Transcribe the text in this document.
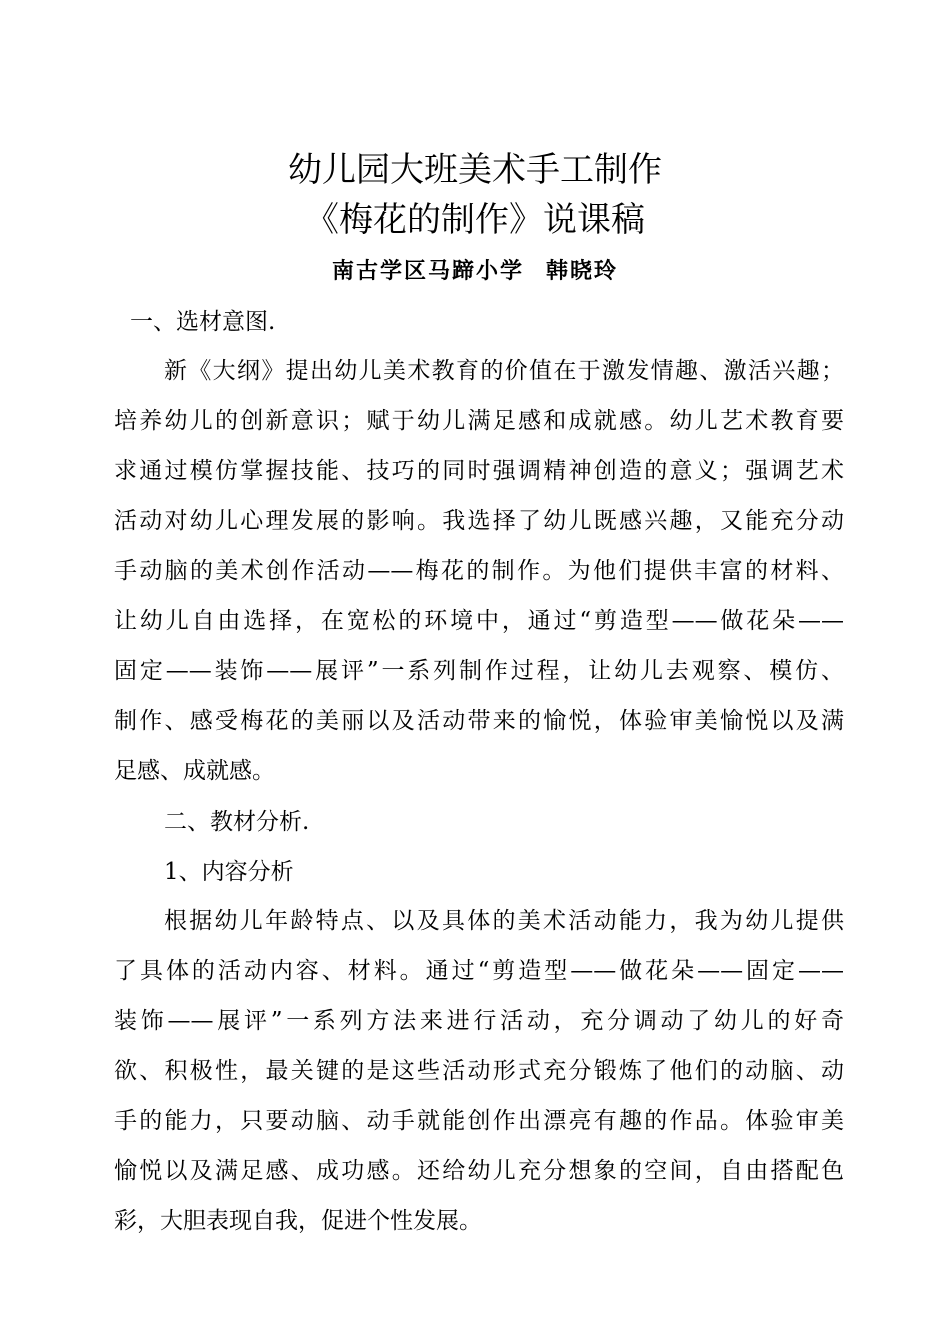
幼儿园大班美术手工制作
《梅花的制作》说课稿
南古学区马蹄小学 韩晓玲
一、选材意图.
新《大纲》提出幼儿美术教育的价值在于激发情趣、激活兴趣；
培养幼儿的创新意识；赋于幼儿满足感和成就感。幼儿艺术教育要
求通过模仿掌握技能、技巧的同时强调精神创造的意义；强调艺术
活动对幼儿心理发展的影响。我选择了幼儿既感兴趣，又能充分动
手动脑的美术创作活动——梅花的制作。为他们提供丰富的材料、
让幼儿自由选择，在宽松的环境中，通过“剪造型——做花朵——
固定——装饰——展评”一系列制作过程，让幼儿去观察、模仿、
制作、感受梅花的美丽以及活动带来的愉悦，体验审美愉悦以及满
足感、成就感。
二、教材分析.
1、内容分析
根据幼儿年龄特点、以及具体的美术活动能力，我为幼儿提供
了具体的活动内容、材料。通过“剪造型——做花朵——固定——
装饰——展评”一系列方法来进行活动，充分调动了幼儿的好奇
欲、积极性，最关键的是这些活动形式充分锻炼了他们的动脑、动
手的能力，只要动脑、动手就能创作出漂亮有趣的作品。体验审美
愉悦以及满足感、成功感。还给幼儿充分想象的空间，自由搭配色
彩，大胆表现自我，促进个性发展。
